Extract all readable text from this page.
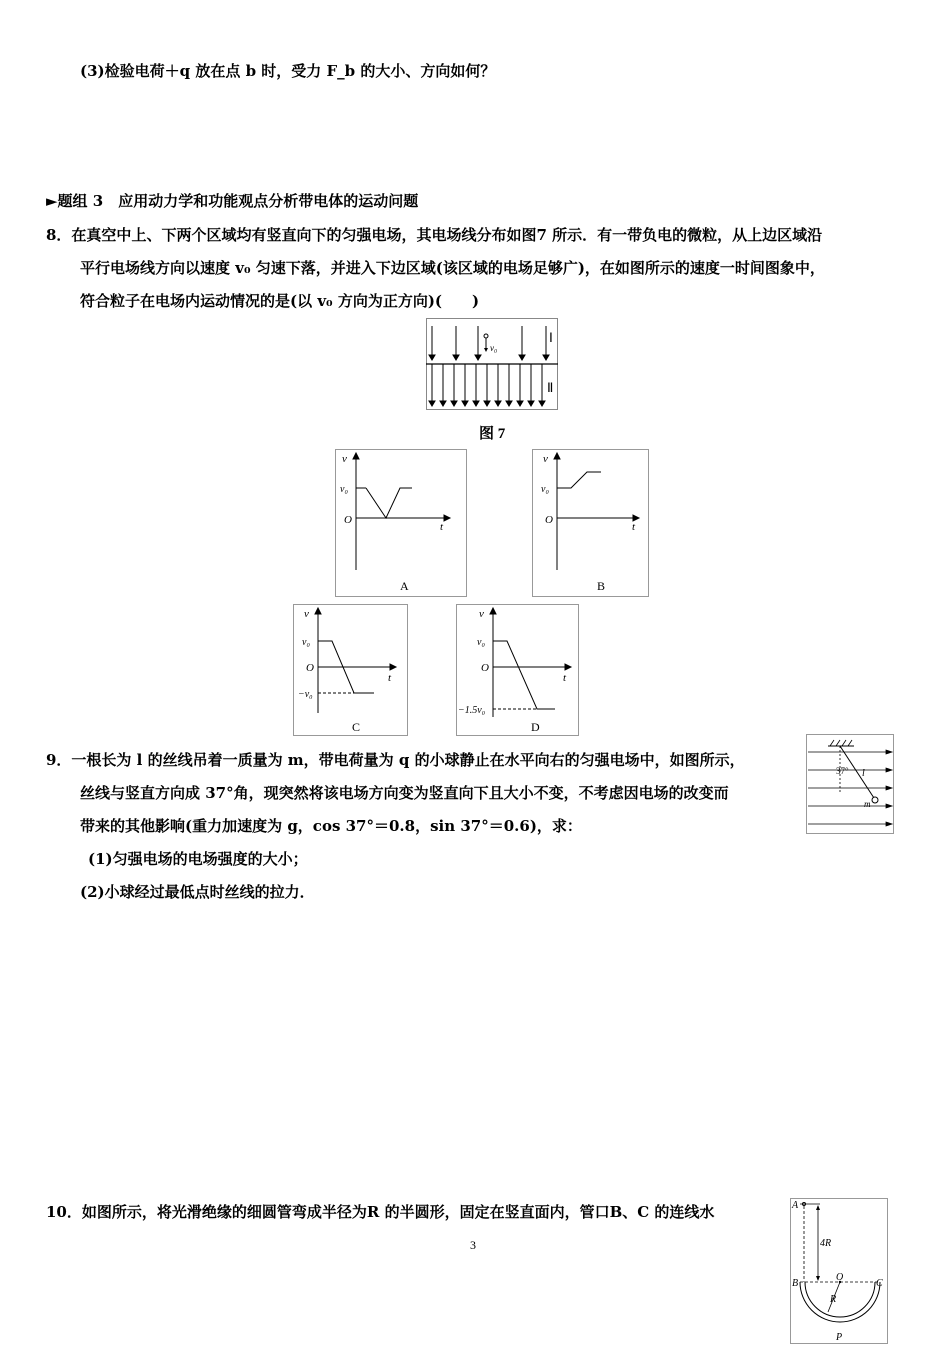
(3)检验电荷＋q 放在点 b 时，受力 F_b 的大小、方向如何？
►题组 3　应用动力学和功能观点分析带电体的运动问题
8．在真空中上、下两个区域均有竖直向下的匀强电场，其电场线分布如图7 所示．有一带负电的微粒，从上边区域沿
平行电场线方向以速度 v₀ 匀速下落，并进入下边区域(该区域的电场足够广)，在如图所示的速度一时间图象中，
符合粒子在电场内运动情况的是(以 v₀ 方向为正方向)(　　)
v₀
Ⅰ
Ⅱ
图 7
v
v₀
O
t
A
v
v₀
O
t
B
v
v₀
O
t
−v₀
C
v
v₀
O
t
−1.5v₀
D
9．一根长为 l 的丝线吊着一质量为 m，带电荷量为 q 的小球静止在水平向右的匀强电场中，如图所示，
丝线与竖直方向成 37°角，现突然将该电场方向变为竖直向下且大小不变，不考虑因电场的改变而
带来的其他影响(重力加速度为 g，cos 37°＝0.8，sin 37°＝0.6)，求：
(1)匀强电场的电场强度的大小；
(2)小球经过最低点时丝线的拉力．
37° l
m
10．如图所示，将光滑绝缘的细圆管弯成半径为R 的半圆形，固定在竖直面内，管口B、C 的连线水	A
4R
B
O
C
R
P
3
